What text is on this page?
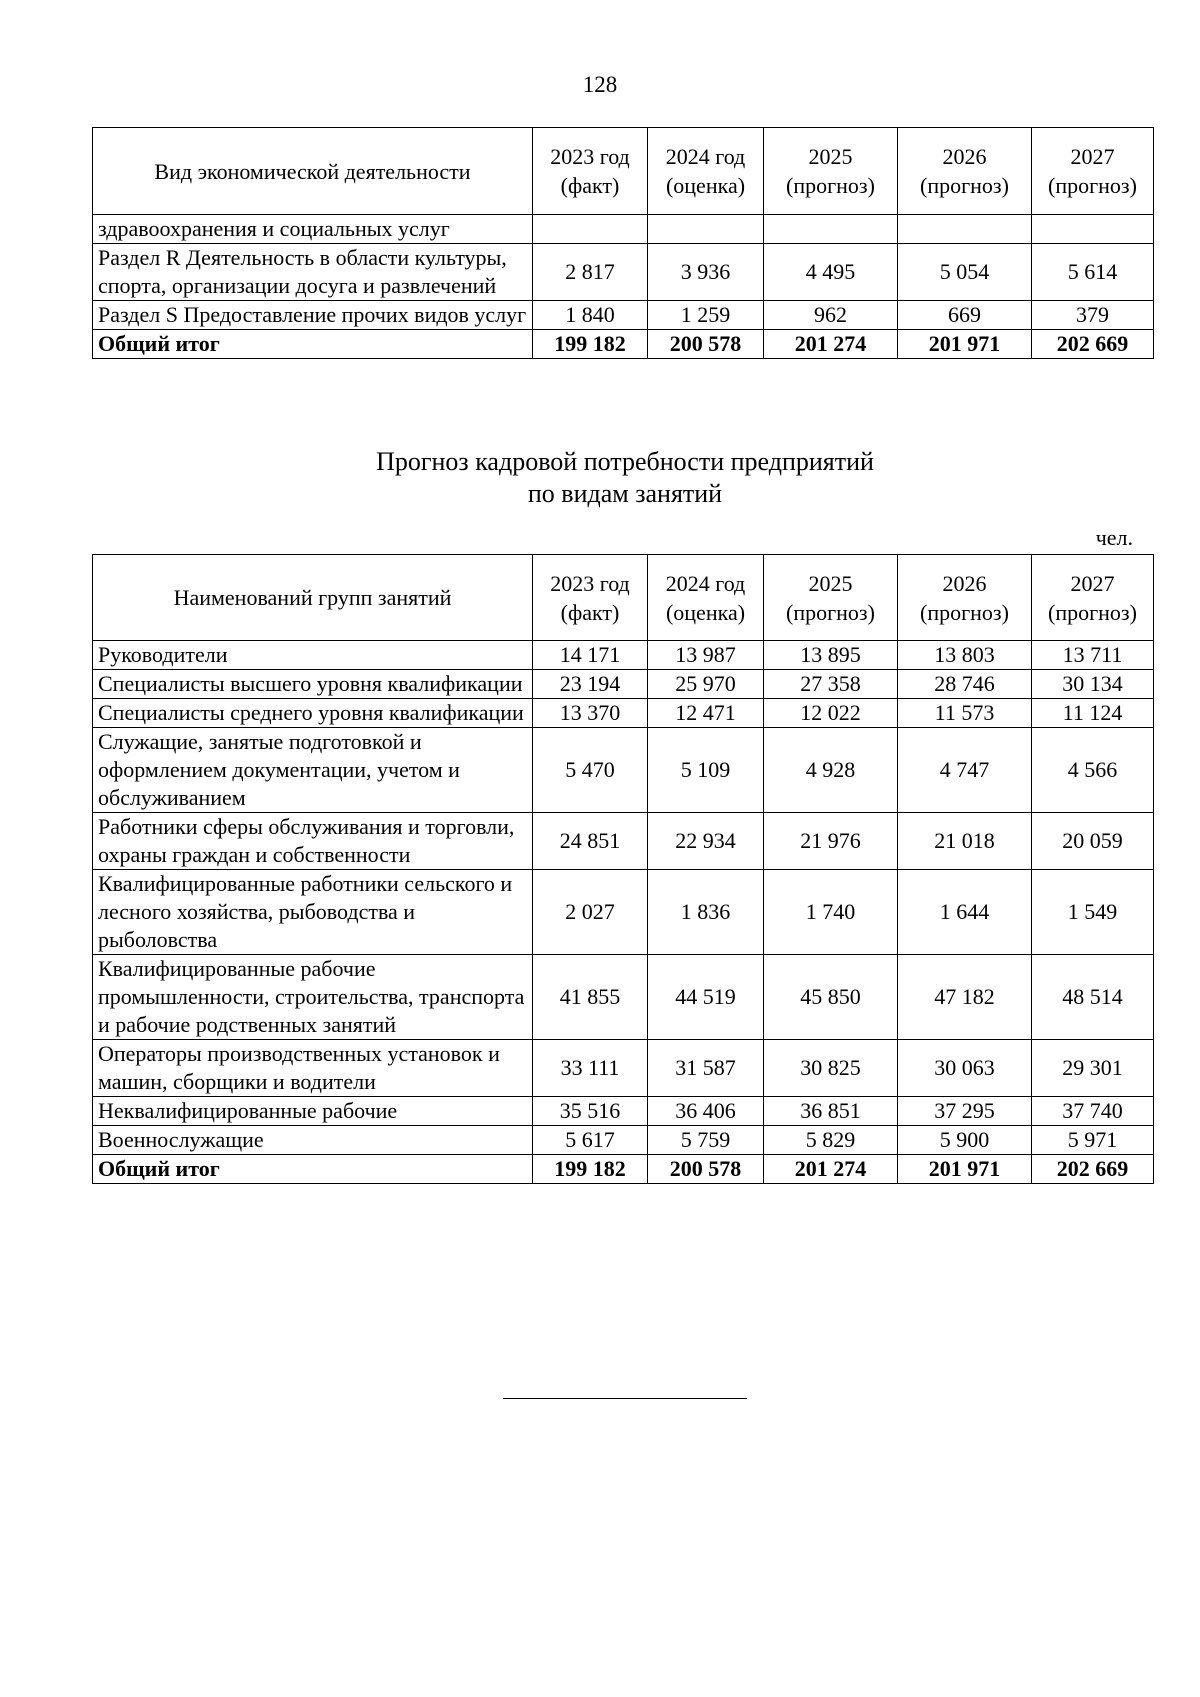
128
Вид экономической деятельности	2023 год (факт)	2024 год (оценка)	2025 (прогноз)	2026 (прогноз)	2027 (прогноз)
здравоохранения и социальных услуг					
Раздел R Деятельность в области культуры, спорта, организации досуга и развлечений	2 817	3 936	4 495	5 054	5 614
Раздел S Предоставление прочих видов услуг	1 840	1 259	962	669	379
Общий итог	199 182	200 578	201 274	201 971	202 669
Прогноз кадровой потребности предприятий
по видам занятий
чел.
Наименований групп занятий	2023 год (факт)	2024 год (оценка)	2025 (прогноз)	2026 (прогноз)	2027 (прогноз)
Руководители	14 171	13 987	13 895	13 803	13 711
Специалисты высшего уровня квалификации	23 194	25 970	27 358	28 746	30 134
Специалисты среднего уровня квалификации	13 370	12 471	12 022	11 573	11 124
Служащие, занятые подготовкой и оформлением документации, учетом и обслуживанием	5 470	5 109	4 928	4 747	4 566
Работники сферы обслуживания и торговли, охраны граждан и собственности	24 851	22 934	21 976	21 018	20 059
Квалифицированные работники сельского и лесного хозяйства, рыбоводства и рыболовства	2 027	1 836	1 740	1 644	1 549
Квалифицированные рабочие промышленности, строительства, транспорта и рабочие родственных занятий	41 855	44 519	45 850	47 182	48 514
Операторы производственных установок и машин, сборщики и водители	33 111	31 587	30 825	30 063	29 301
Неквалифицированные рабочие	35 516	36 406	36 851	37 295	37 740
Военнослужащие	5 617	5 759	5 829	5 900	5 971
Общий итог	199 182	200 578	201 274	201 971	202 669
